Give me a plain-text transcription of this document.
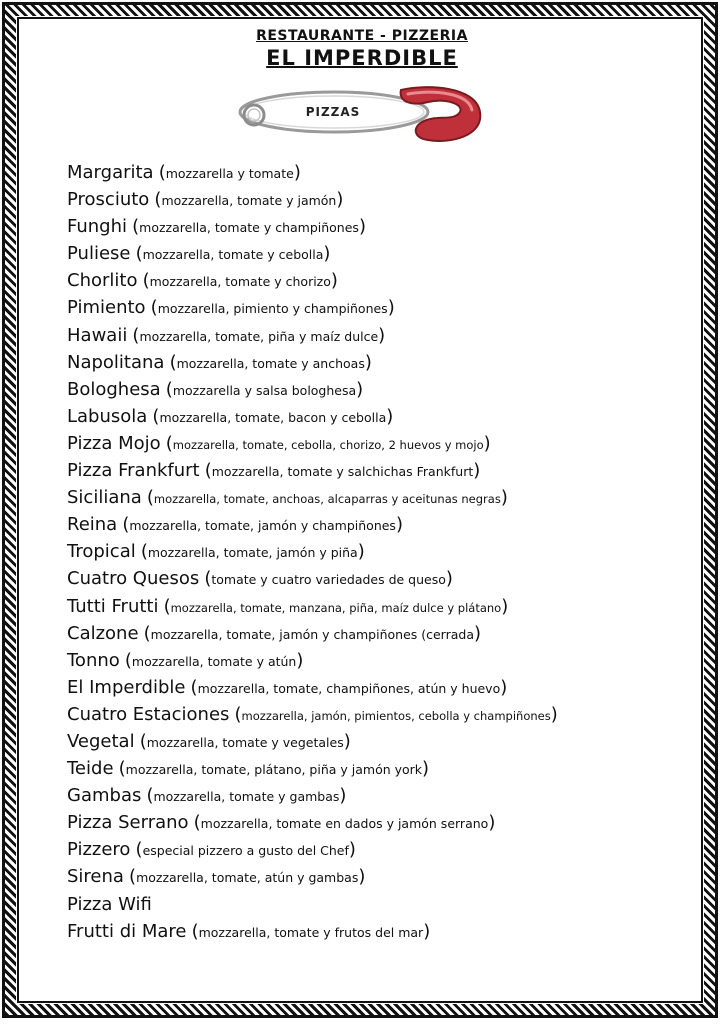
RESTAURANTE - PIZZERIA
EL IMPERDIBLE
PIZZAS
Margarita (mozzarella y tomate)
Prosciuto (mozzarella, tomate y jamón)
Funghi (mozzarella, tomate y champiñones)
Puliese (mozzarella, tomate y cebolla)
Chorlito (mozzarella, tomate y chorizo)
Pimiento (mozzarella, pimiento y champiñones)
Hawaii (mozzarella, tomate, piña y maíz dulce)
Napolitana (mozzarella, tomate y anchoas)
Bologhesa (mozzarella y salsa bologhesa)
Labusola (mozzarella, tomate, bacon y cebolla)
Pizza Mojo (mozzarella, tomate, cebolla, chorizo, 2 huevos y mojo)
Pizza Frankfurt (mozzarella, tomate y salchichas Frankfurt)
Siciliana (mozzarella, tomate, anchoas, alcaparras y aceitunas negras)
Reina (mozzarella, tomate, jamón y champiñones)
Tropical (mozzarella, tomate, jamón y piña)
Cuatro Quesos (tomate y cuatro variedades de queso)
Tutti Frutti (mozzarella, tomate, manzana, piña, maíz dulce y plátano)
Calzone (mozzarella, tomate, jamón y champiñones (cerrada)
Tonno (mozzarella, tomate y atún)
El Imperdible (mozzarella, tomate, champiñones, atún y huevo)
Cuatro Estaciones (mozzarella, jamón, pimientos, cebolla y champiñones)
Vegetal (mozzarella, tomate y vegetales)
Teide (mozzarella, tomate, plátano, piña y jamón york)
Gambas (mozzarella, tomate y gambas)
Pizza Serrano (mozzarella, tomate en dados y jamón serrano)
Pizzero (especial pizzero a gusto del Chef)
Sirena (mozzarella, tomate, atún y gambas)
Pizza Wifi
Frutti di Mare (mozzarella, tomate y frutos del mar)
